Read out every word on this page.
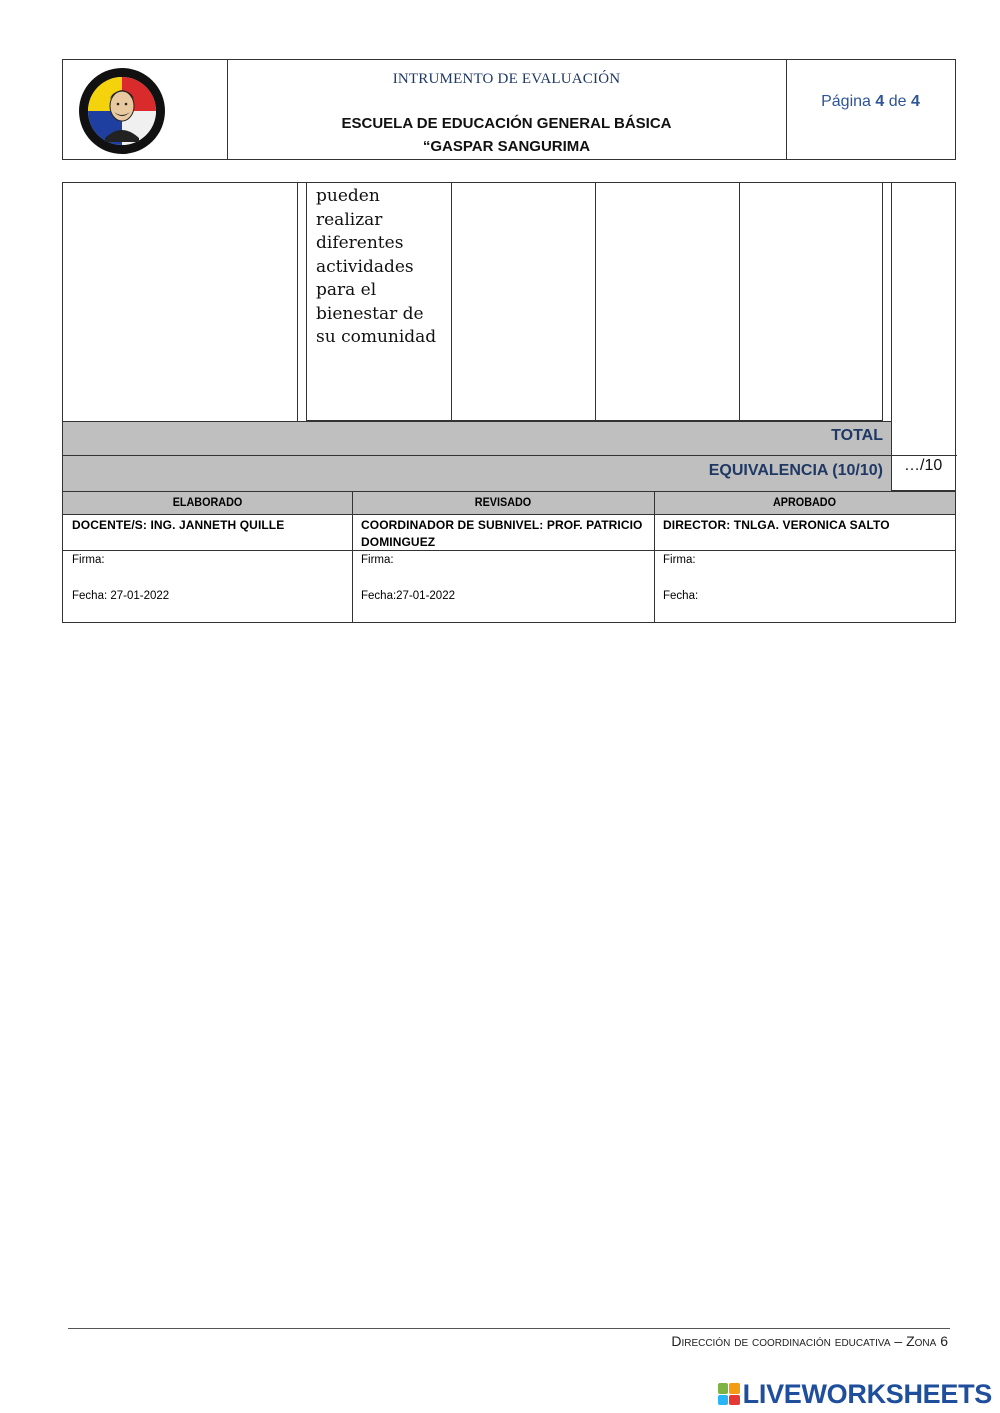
INTRUMENTO DE EVALUACIÓN
ESCUELA DE EDUCACIÓN GENERAL BÁSICA
“GASPAR SANGURIMA
Página 4 de 4
pueden realizar diferentes actividades para el bienestar de su comunidad
TOTAL
EQUIVALENCIA (10/10) …/10
ELABORADO
DOCENTE/S: ING. JANNETH QUILLE
Firma:
Fecha: 27-01-2022
REVISADO
COORDINADOR DE SUBNIVEL: PROF. PATRICIO DOMINGUEZ
Firma:
Fecha:27-01-2022
APROBADO
DIRECTOR: TNLGA. VERONICA SALTO
Firma:
Fecha:
Dirección de coordinación educativa – Zona 6
LIVEWORKSHEETS
